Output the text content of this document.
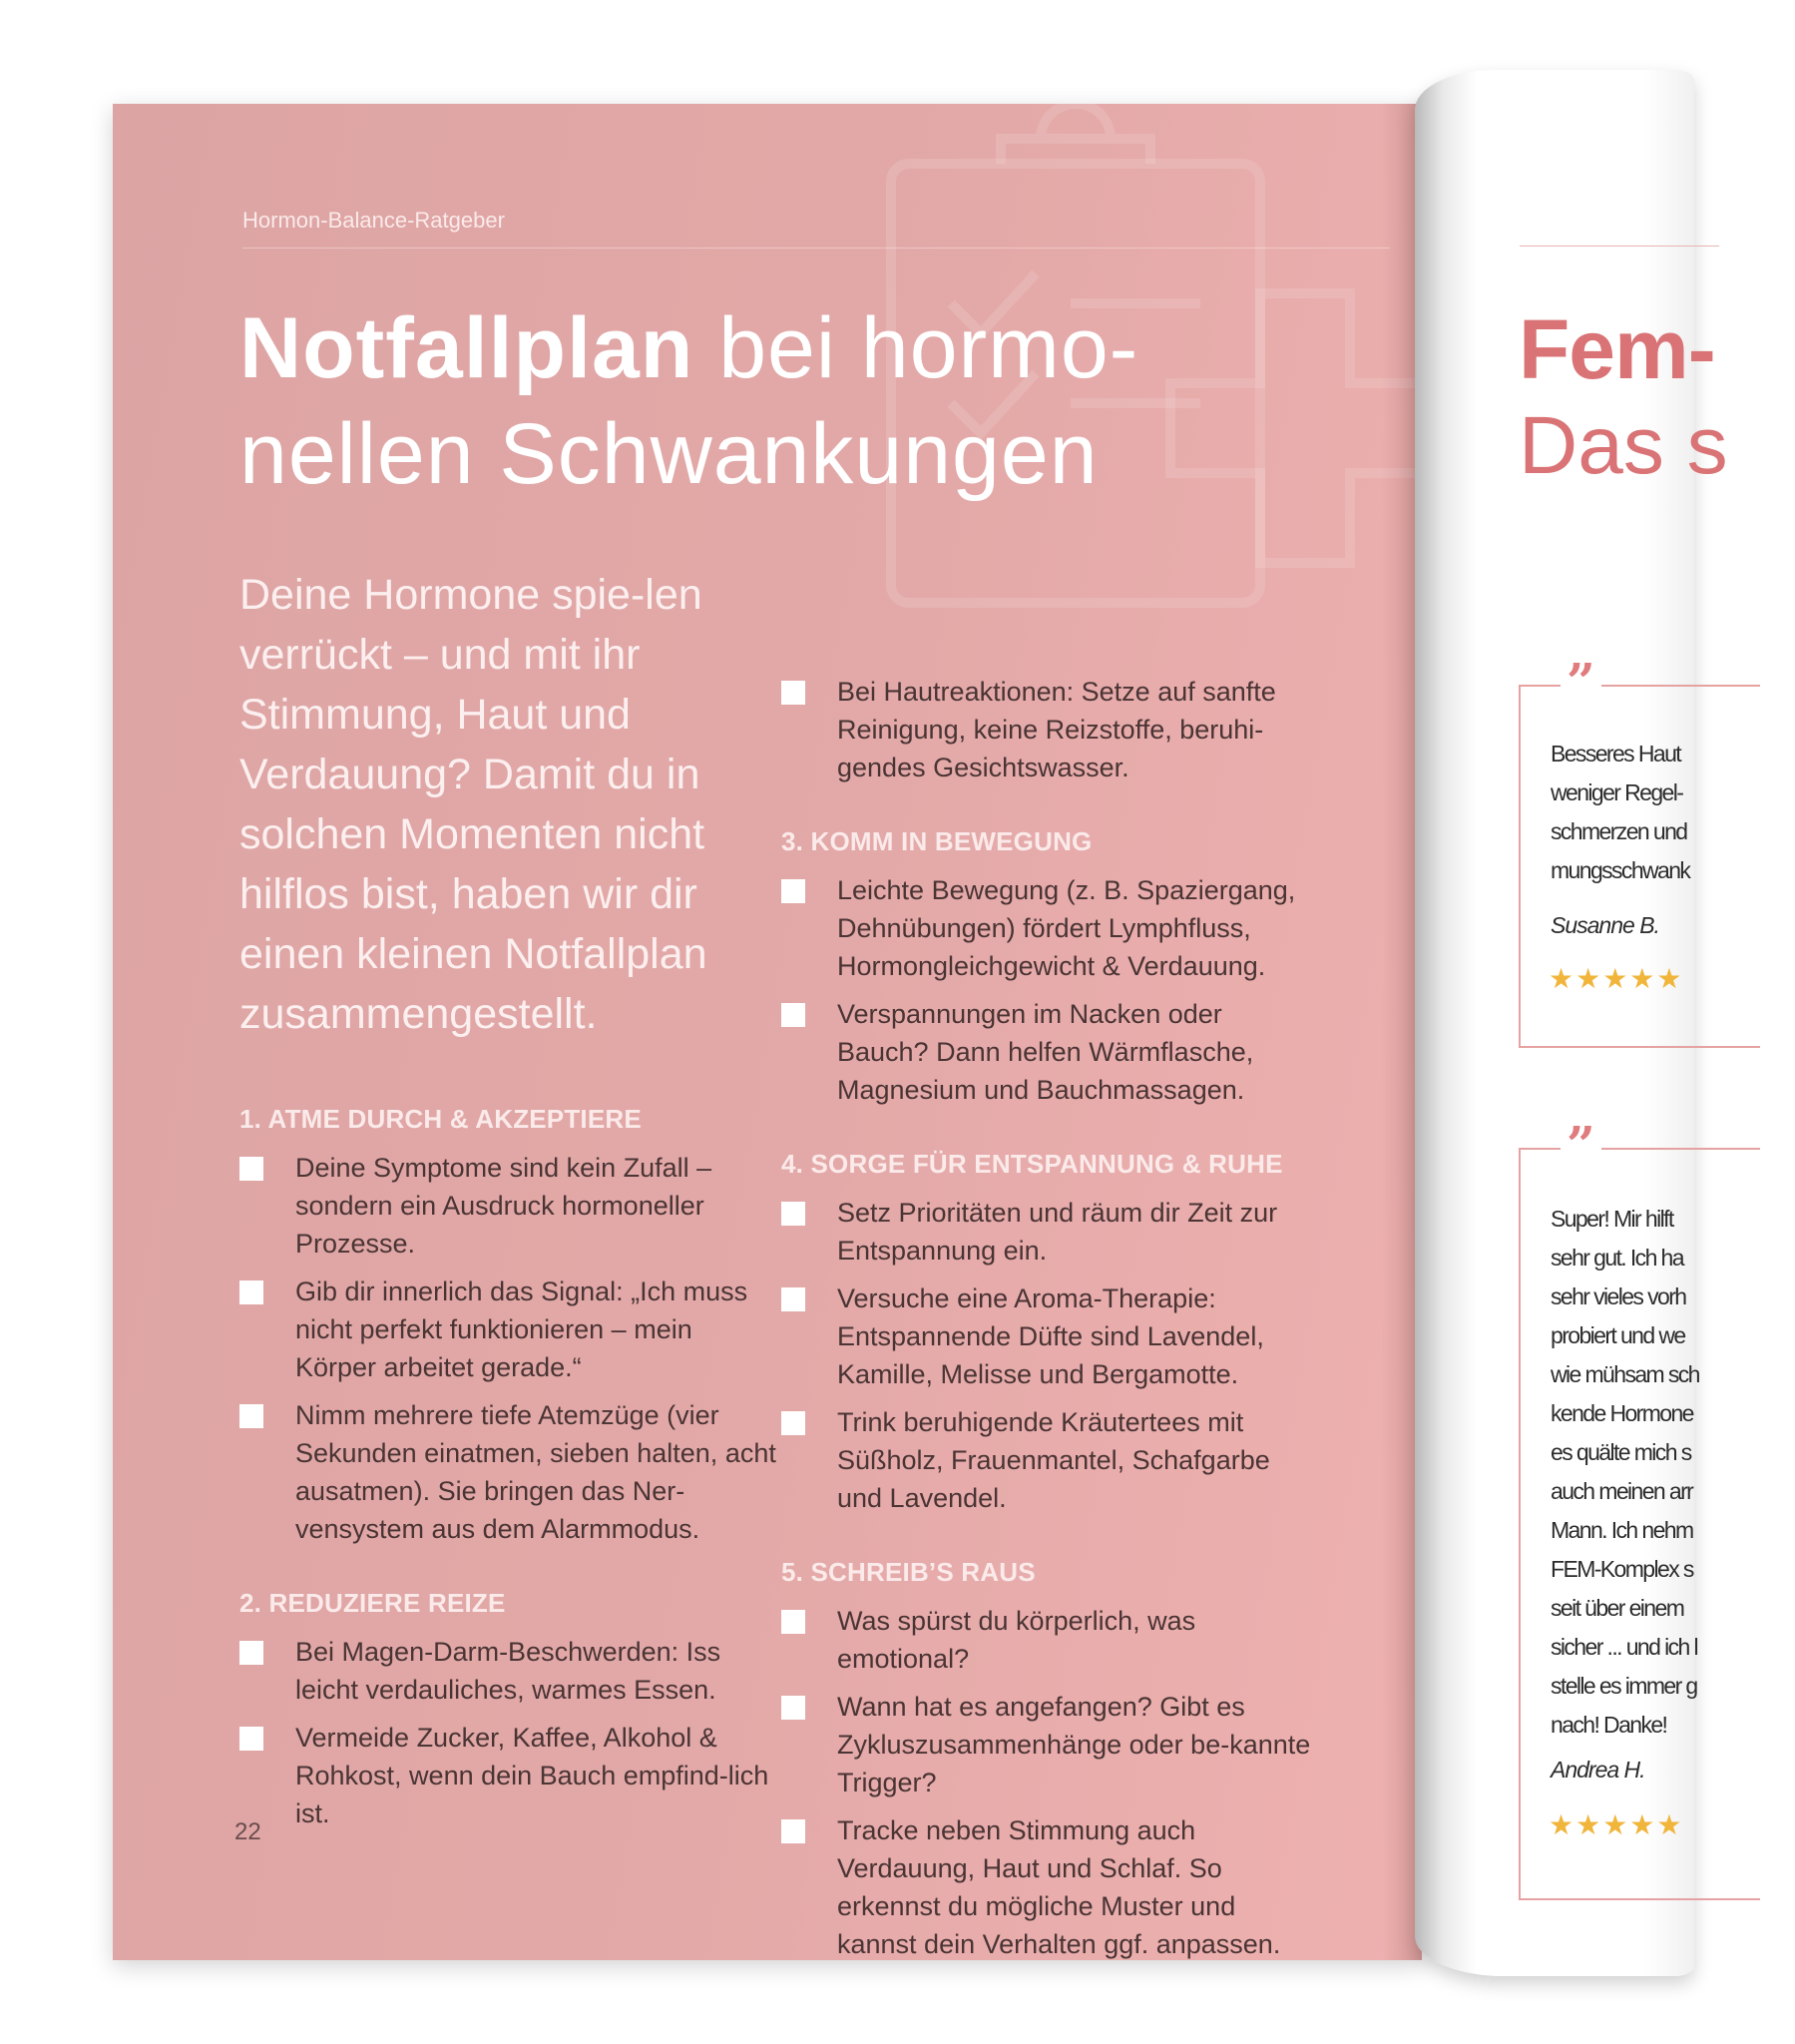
Hormon-Balance-Ratgeber
Notfallplan bei hormo-
nellen Schwankungen
Deine Hormone spie-len verrückt – und mit ihr Stimmung, Haut und Verdauung? Damit du in solchen Momenten nicht hilflos bist, haben wir dir einen kleinen Notfallplan zusammengestellt.
1. ATME DURCH & AKZEPTIERE
Deine Symptome sind kein Zufall – sondern ein Ausdruck hormoneller Prozesse.
Gib dir innerlich das Signal: „Ich muss nicht perfekt funktionieren – mein Körper arbeitet gerade.“
Nimm mehrere tiefe Atemzüge (vier Sekunden einatmen, sieben halten, acht ausatmen). Sie bringen das Ner-vensystem aus dem Alarmmodus.
2. REDUZIERE REIZE
Bei Magen-Darm-Beschwerden: Iss leicht verdauliches, warmes Essen.
Vermeide Zucker, Kaffee, Alkohol & Rohkost, wenn dein Bauch empfind-lich ist.
Bei Hautreaktionen: Setze auf sanfte Reinigung, keine Reizstoffe, beruhi-gendes Gesichtswasser.
3. KOMM IN BEWEGUNG
Leichte Bewegung (z. B. Spaziergang, Dehnübungen) fördert Lymphfluss, Hormongleichgewicht & Verdauung.
Verspannungen im Nacken oder Bauch? Dann helfen Wärmflasche, Magnesium und Bauchmassagen.
4. SORGE FÜR ENTSPANNUNG & RUHE
Setz Prioritäten und räum dir Zeit zur Entspannung ein.
Versuche eine Aroma-Therapie: Entspannende Düfte sind Lavendel, Kamille, Melisse und Bergamotte.
Trink beruhigende Kräutertees mit Süßholz, Frauenmantel, Schafgarbe und Lavendel.
5. SCHREIB’S RAUS
Was spürst du körperlich, was emotional?
Wann hat es angefangen? Gibt es Zykluszusammenhänge oder be-kannte Trigger?
Tracke neben Stimmung auch Verdauung, Haut und Schlaf. So erkennst du mögliche Muster und kannst dein Verhalten ggf. anpassen.
22
Fem-
Das s
”
Besseres Haut
weniger Regel-
schmerzen und
mungsschwank
Susanne B.
★★★★★
”
Super! Mir hilft
sehr gut. Ich ha
sehr vieles vorh
probiert und we
wie mühsam sch
kende Hormone
es quälte mich s
auch meinen arr
Mann. Ich nehm
FEM-Komplex s
seit über einem
sicher ... und ich l
stelle es immer g
nach! Danke!
Andrea H.
★★★★★
